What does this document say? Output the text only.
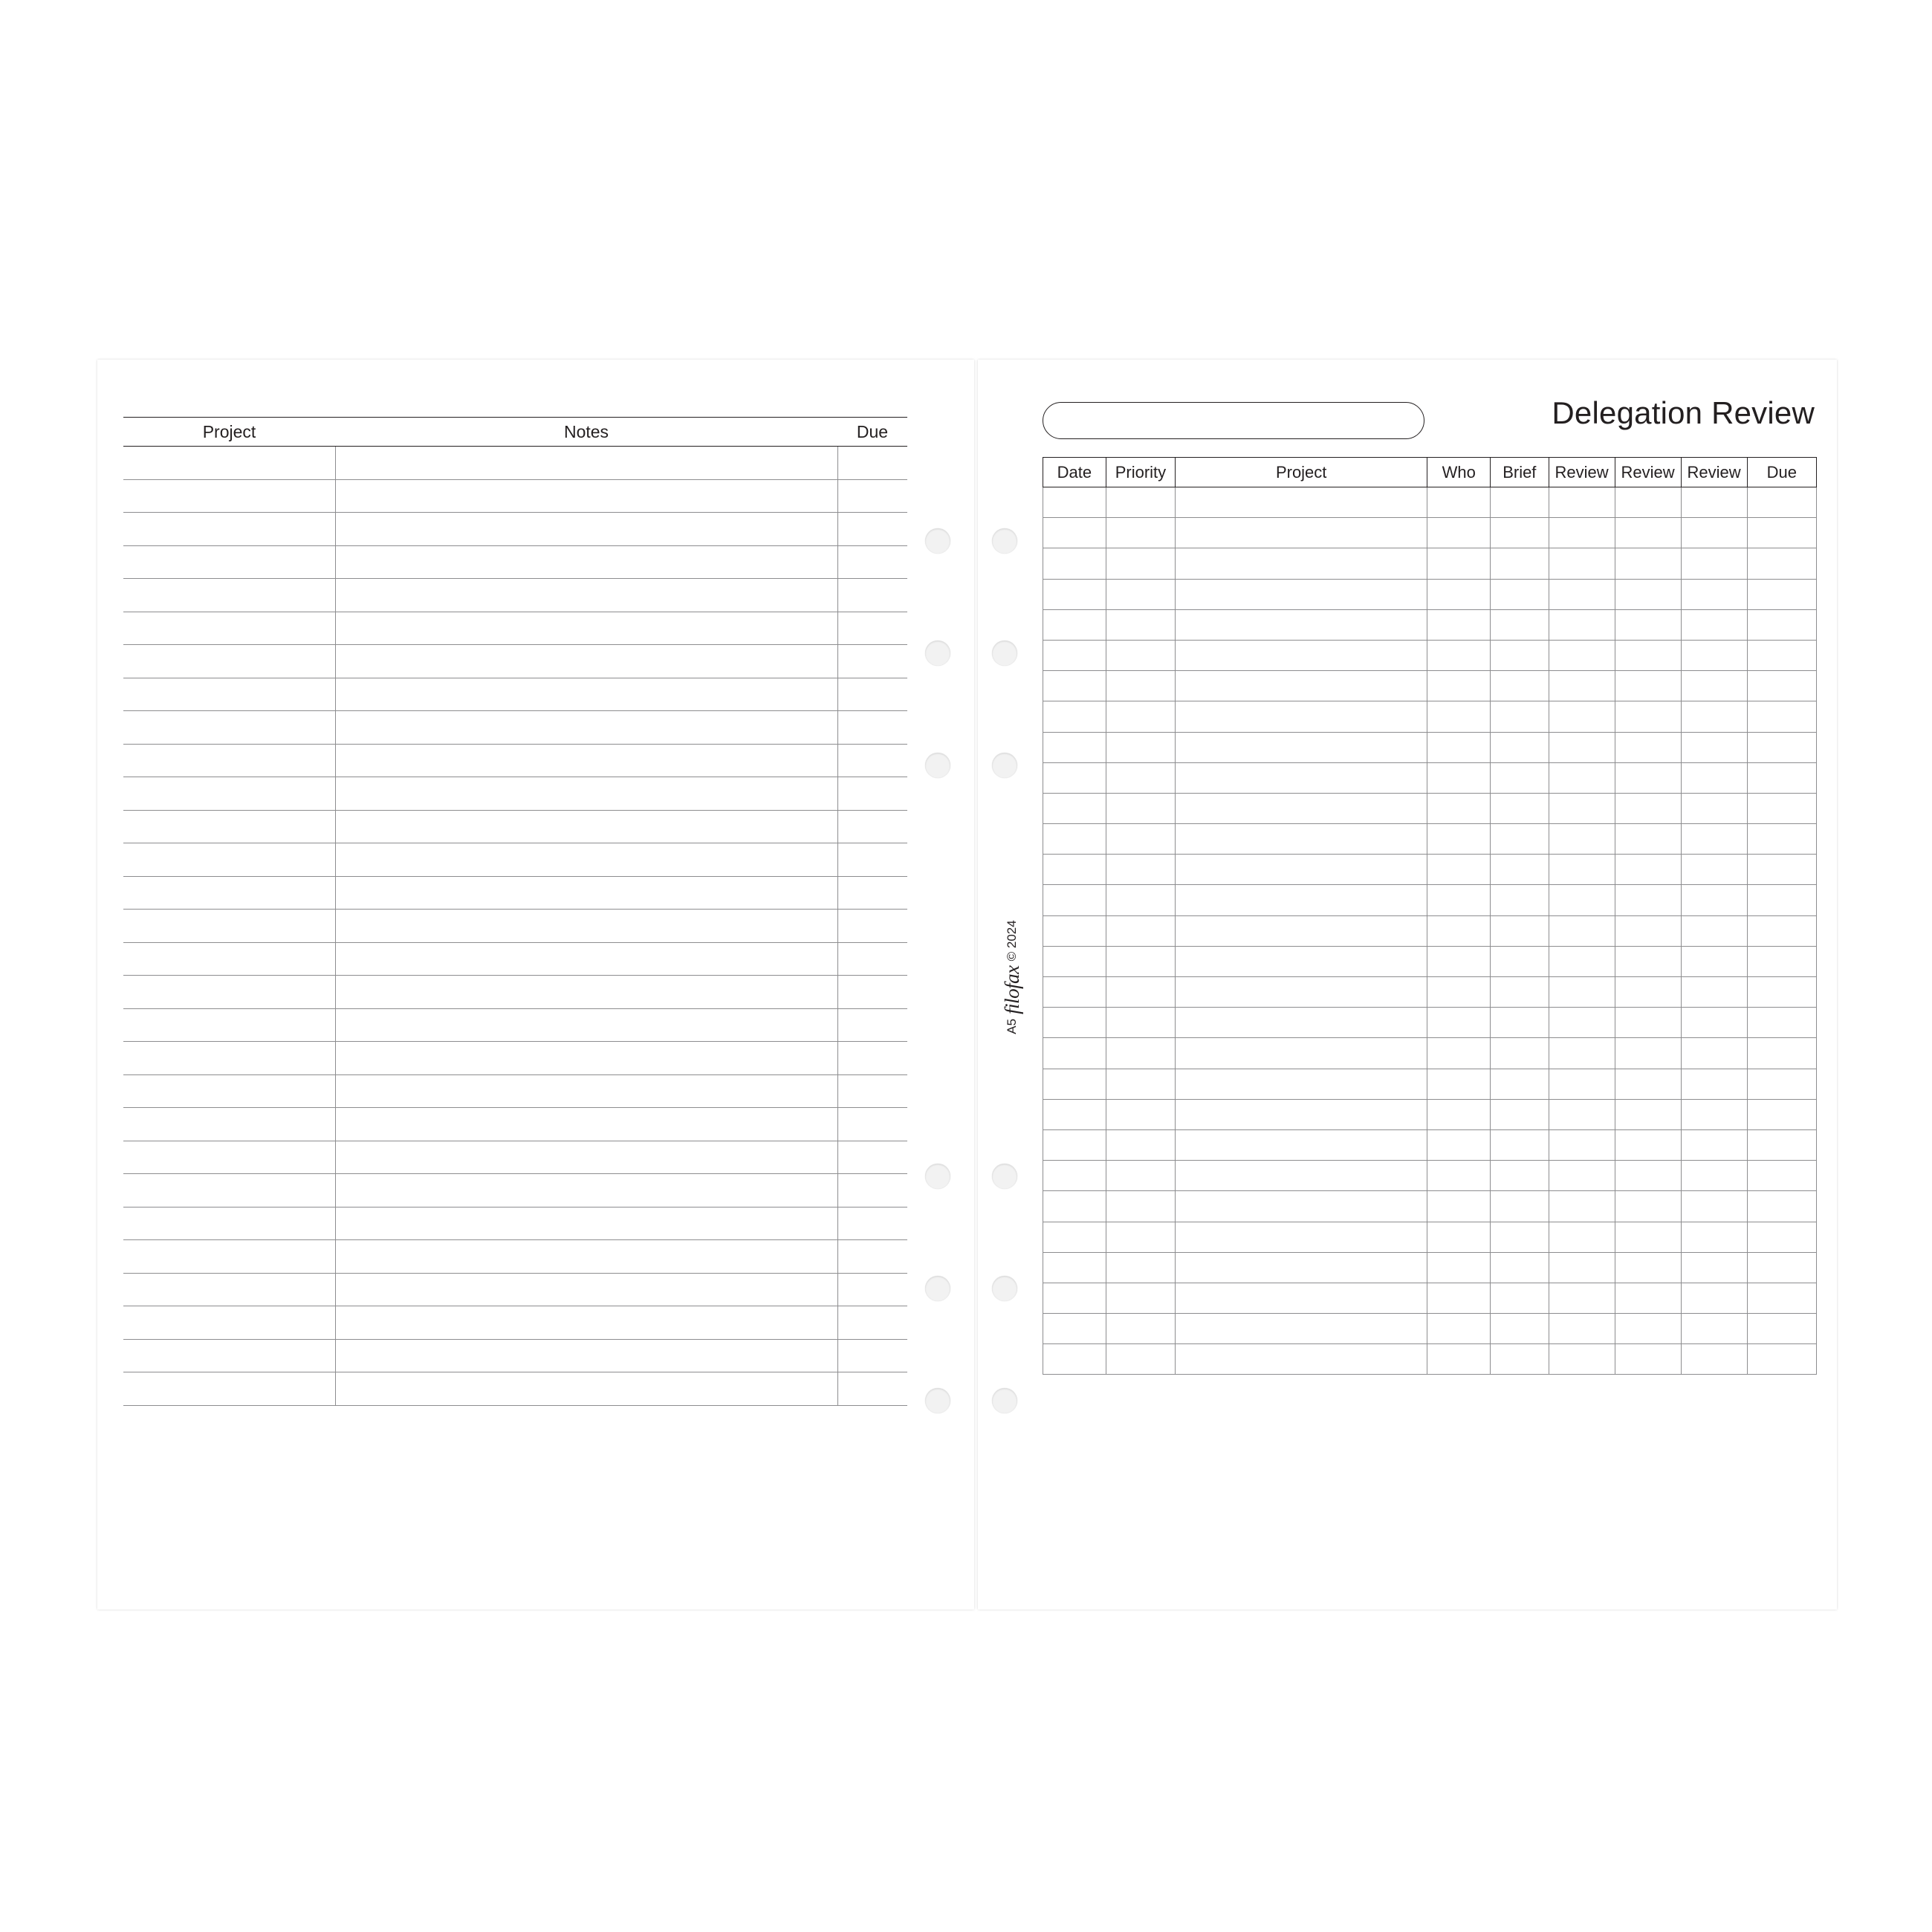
Project	Notes	Due

Delegation Review
Date	Priority	Project	Who	Brief	Review	Review	Review	Due

A5
filofax
© 2024
